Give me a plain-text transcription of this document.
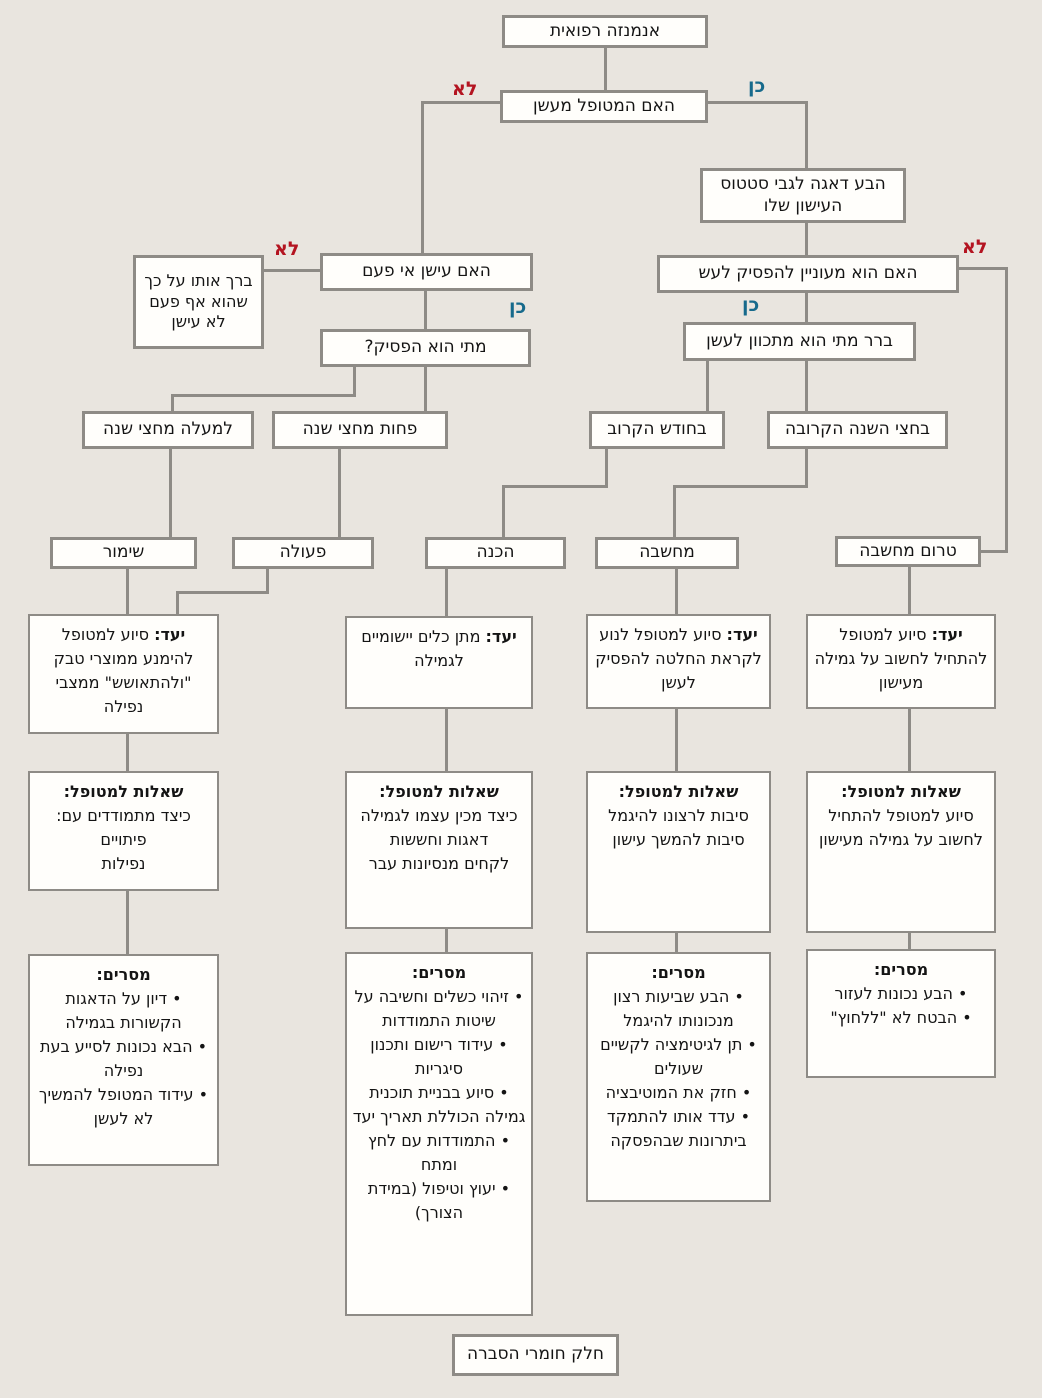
לא	כן
לא
כן	כן
לא
אנמנזה רפואית
האם המטופל מעשן
הבע דאגה לגבי סטטוס העישון שלו
האם עישן אי פעם
ברך אותו על כך שהוא אף פעם לא עישן
מתי הוא הפסיק?
למעלה מחצי שנה	פחות מחצי שנה
האם הוא מעוניין להפסיק לעש
ברר מתי הוא מתכוון לעשן
בחודש הקרוב	בחצי השנה הקרובה
שימור	פעולה	הכנה	מחשבה	טרום מחשבה
יעד: סיוע למטופל להימנע ממוצרי טבק "ולהתאושש" ממצבי נפילה
שאלות למטופל:
כיצד מתמודדים עם:
פיתויים
נפילות
מסרים:
• דיון על הדאגות הקשורות בגמילה
• הבא נכונות לסייע בעת נפילה
• עידוד המטופל להמשיך לא לעשן
יעד: מתן כלים יישומיים לגמילה
שאלות למטופל:
כיצד מכין עצמו לגמילה
דאגות וחששות
לקחים מנסיונות עבר
מסרים:
• זיהוי כשלים וחשיבה על שיטות התמודדות
• עידוד רישום ותכנון סיגריות
• סיוע בבניית תוכנית גמילה הכוללת תאריך יעד
• התמודדות עם לחץ ומתח
• יעוץ וטיפול (במידת הצורך)
יעד: סיוע למטופל לנוע לקראת החלטה להפסיק לעשן
שאלות למטופל:
סיבות לרצונו להיגמל
סיבות להמשך עישון
מסרים:
• הבע שביעות רצון מנכונותו להיגמל
• תן לגיטימציה לקשיים שעולים
• חזק את המוטיבציה
• עדד אותו להתמקד ביתרונות שבהפסקה
יעד: סיוע למטופל להתחיל לחשוב על גמילה מעישון
שאלות למטופל:
סיוע למטופל להתחיל לחשוב על גמילה מעישון
מסרים:
• הבע נכונות לעזור
• הבטח לא "ללחוץ"
חלק חומרי הסברה
